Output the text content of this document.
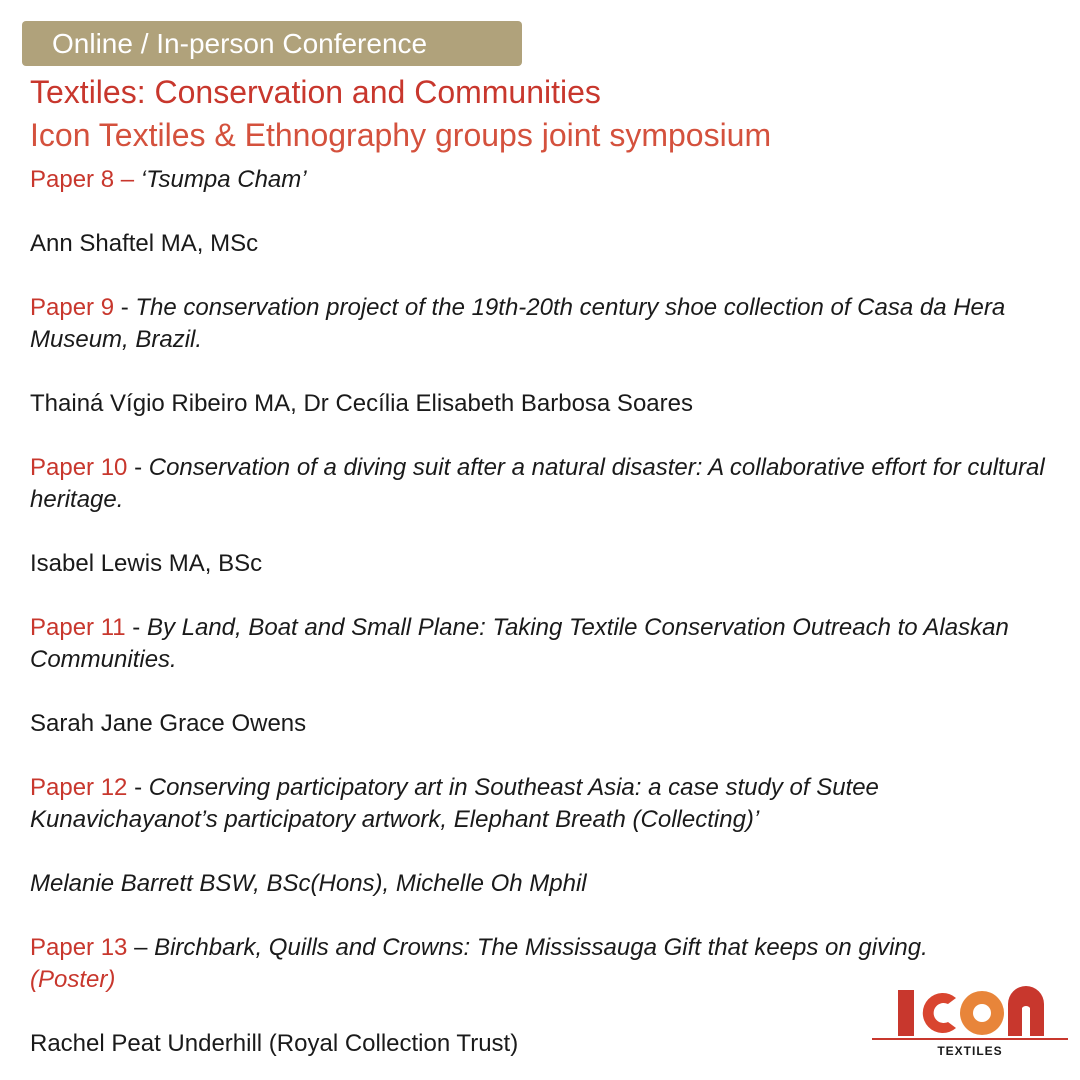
Online / In-person Conference
Textiles: Conservation and Communities
Icon Textiles & Ethnography groups joint symposium

Paper 8 – ‘Tsumpa Cham’

Ann Shaftel MA, MSc

Paper 9 - The conservation project of the 19th-20th century shoe collection of Casa da Hera Museum, Brazil.

Thainá Vígio Ribeiro MA, Dr Cecília Elisabeth Barbosa Soares

Paper 10 - Conservation of a diving suit after a natural disaster: A collaborative effort for cultural heritage.

Isabel Lewis MA, BSc

Paper 11 - By Land, Boat and Small Plane: Taking Textile Conservation Outreach to Alaskan Communities.

Sarah Jane Grace Owens

Paper 12 - Conserving participatory art in Southeast Asia: a case study of Sutee Kunavichayanot’s participatory artwork, Elephant Breath (Collecting)’

Melanie Barrett BSW, BSc(Hons), Michelle Oh Mphil

Paper 13 – Birchbark, Quills and Crowns: The Mississauga Gift that keeps on giving.
(Poster)

Rachel Peat Underhill (Royal Collection Trust)	TEXTILES
